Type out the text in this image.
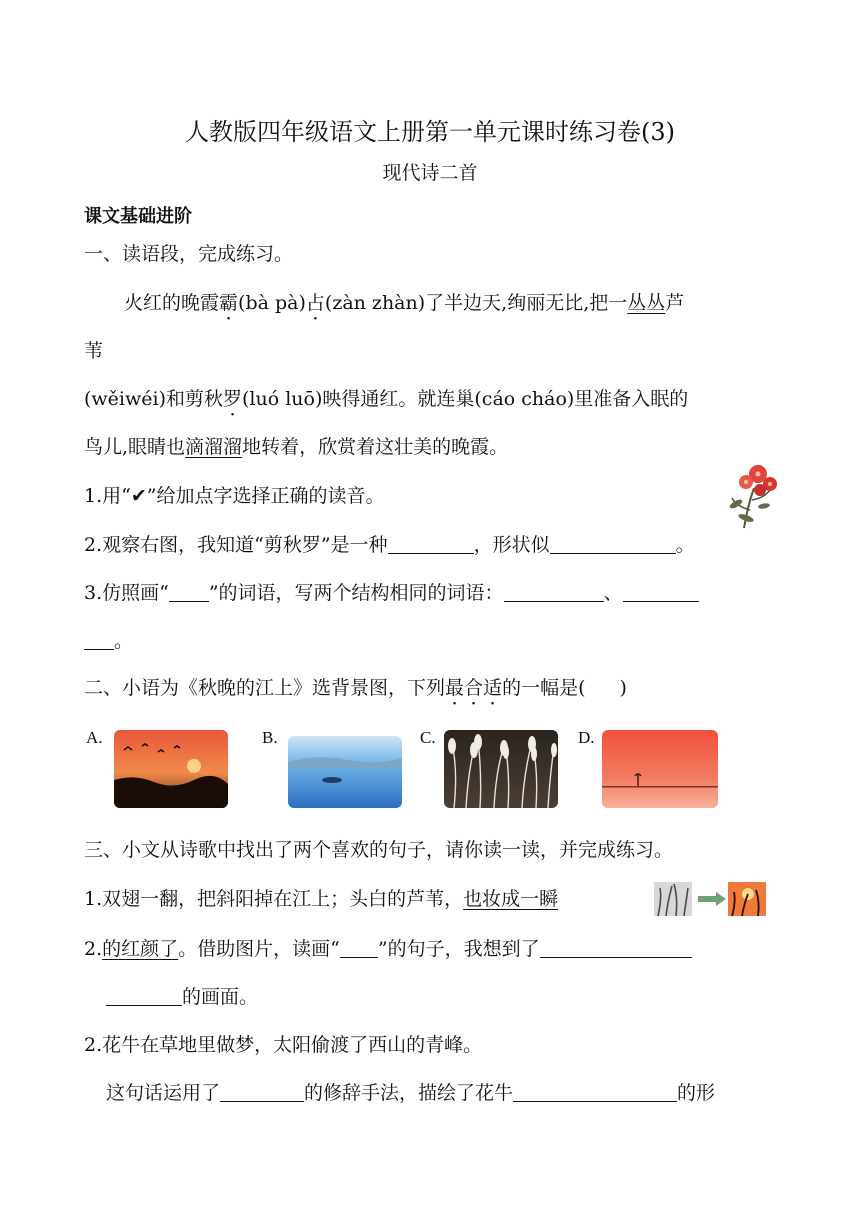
人教版四年级语文上册第一单元课时练习卷(3)
现代诗二首
课文基础进阶
一、读语段，完成练习。
火红的晚霞霸(bà pà)占(zàn zhàn)了半边天,绚丽无比,把一丛丛芦
苇
(wěiwéi)和剪秋罗(luó luō)映得通红。就连巢(cáo cháo)里准备入眠的
鸟儿,眼睛也滴溜溜地转着，欣赏着这壮美的晚霞。
1.用“✔”给加点字选择正确的读音。
2.观察右图，我知道“剪秋罗”是一种	，形状似	。
3.仿照画“ ”的词语，写两个结构相同的词语：	、
。
二、小语为《秋晚的江上》选背景图，下列最合适的一幅是( )
A.	B.	C.	D.
三、小文从诗歌中找出了两个喜欢的句子，请你读一读，并完成练习。
1.双翅一翻，把斜阳掉在江上；头白的芦苇，也妆成一瞬
2.的红颜了。借助图片，读画“ ”的句子，我想到了
的画面。
2.花牛在草地里做梦，太阳偷渡了西山的青峰。
这句话运用了	的修辞手法，描绘了花牛	的形
